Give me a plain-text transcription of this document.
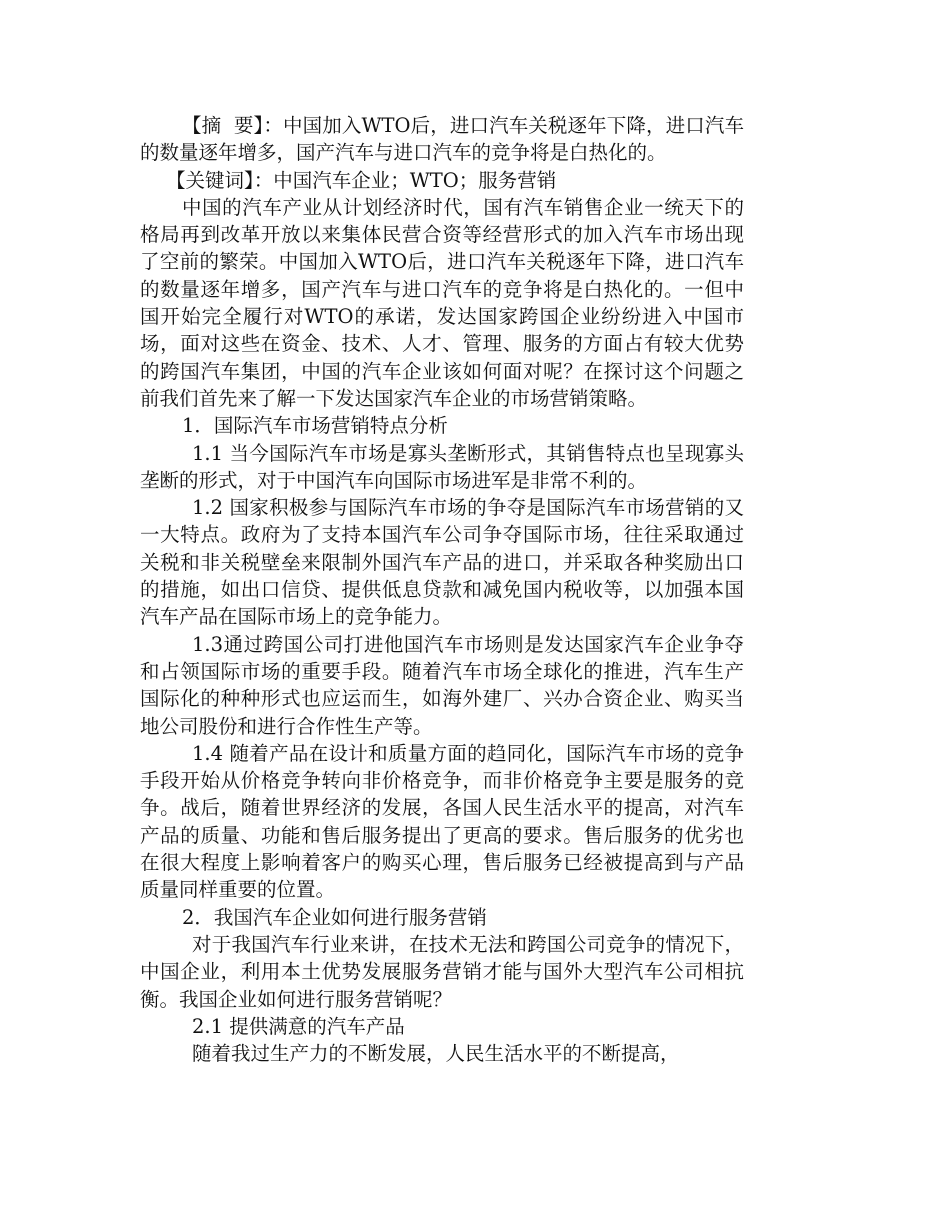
【摘  要】：中国加入WTO后，进口汽车关税逐年下降，进口汽车的数量逐年增多，国产汽车与进口汽车的竞争将是白热化的。

【关键词】：中国汽车企业；WTO；服务营销

中国的汽车产业从计划经济时代，国有汽车销售企业一统天下的格局再到改革开放以来集体民营合资等经营形式的加入汽车市场出现了空前的繁荣。中国加入WTO后，进口汽车关税逐年下降，进口汽车的数量逐年增多，国产汽车与进口汽车的竞争将是白热化的。一但中国开始完全履行对WTO的承诺，发达国家跨国企业纷纷进入中国市场，面对这些在资金、技术、人才、管理、服务的方面占有较大优势的跨国汽车集团，中国的汽车企业该如何面对呢？在探讨这个问题之前我们首先来了解一下发达国家汽车企业的市场营销策略。

1．国际汽车市场营销特点分析

1.1 当今国际汽车市场是寡头垄断形式，其销售特点也呈现寡头垄断的形式，对于中国汽车向国际市场进军是非常不利的。

1.2 国家积极参与国际汽车市场的争夺是国际汽车市场营销的又一大特点。政府为了支持本国汽车公司争夺国际市场，往往采取通过关税和非关税壁垒来限制外国汽车产品的进口，并采取各种奖励出口的措施，如出口信贷、提供低息贷款和减免国内税收等，以加强本国汽车产品在国际市场上的竞争能力。

1.3通过跨国公司打进他国汽车市场则是发达国家汽车企业争夺和占领国际市场的重要手段。随着汽车市场全球化的推进，汽车生产国际化的种种形式也应运而生，如海外建厂、兴办合资企业、购买当地公司股份和进行合作性生产等。

1.4 随着产品在设计和质量方面的趋同化，国际汽车市场的竞争手段开始从价格竞争转向非价格竞争，而非价格竞争主要是服务的竞争。战后，随着世界经济的发展，各国人民生活水平的提高，对汽车产品的质量、功能和售后服务提出了更高的要求。售后服务的优劣也在很大程度上影响着客户的购买心理，售后服务已经被提高到与产品质量同样重要的位置。

2．我国汽车企业如何进行服务营销

对于我国汽车行业来讲，在技术无法和跨国公司竞争的情况下，中国企业，利用本土优势发展服务营销才能与国外大型汽车公司相抗衡。我国企业如何进行服务营销呢？

2.1 提供满意的汽车产品

随着我过生产力的不断发展，人民生活水平的不断提高，
